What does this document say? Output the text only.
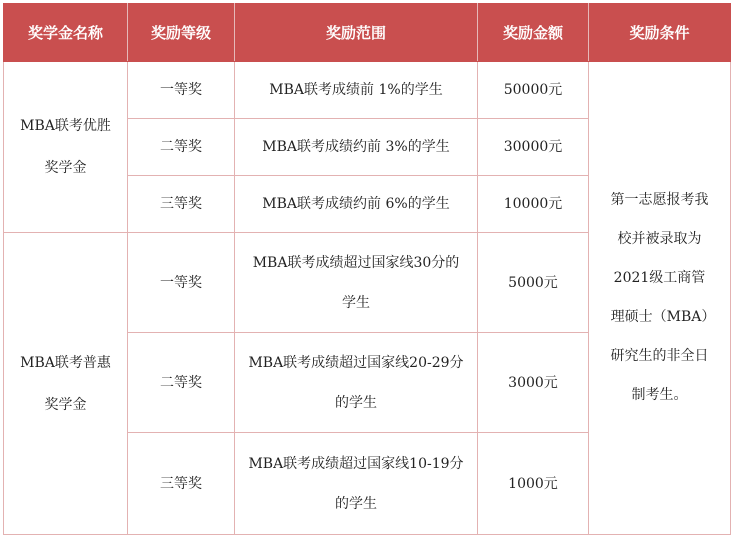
奖学金名称	奖励等级	奖励范围	奖励金额	奖励条件
MBA联考优胜奖学金	一等奖	MBA联考成绩前 1%的学生	50000元	第一志愿报考我校并被录取为2021级工商管理硕士（MBA）研究生的非全日制考生。
	二等奖	MBA联考成绩约前 3%的学生	30000元	
	三等奖	MBA联考成绩约前 6%的学生	10000元	
MBA联考普惠奖学金	一等奖	MBA联考成绩超过国家线30分的学生	5000元	
	二等奖	MBA联考成绩超过国家线20-29分的学生	3000元	
	三等奖	MBA联考成绩超过国家线10-19分的学生	1000元	
